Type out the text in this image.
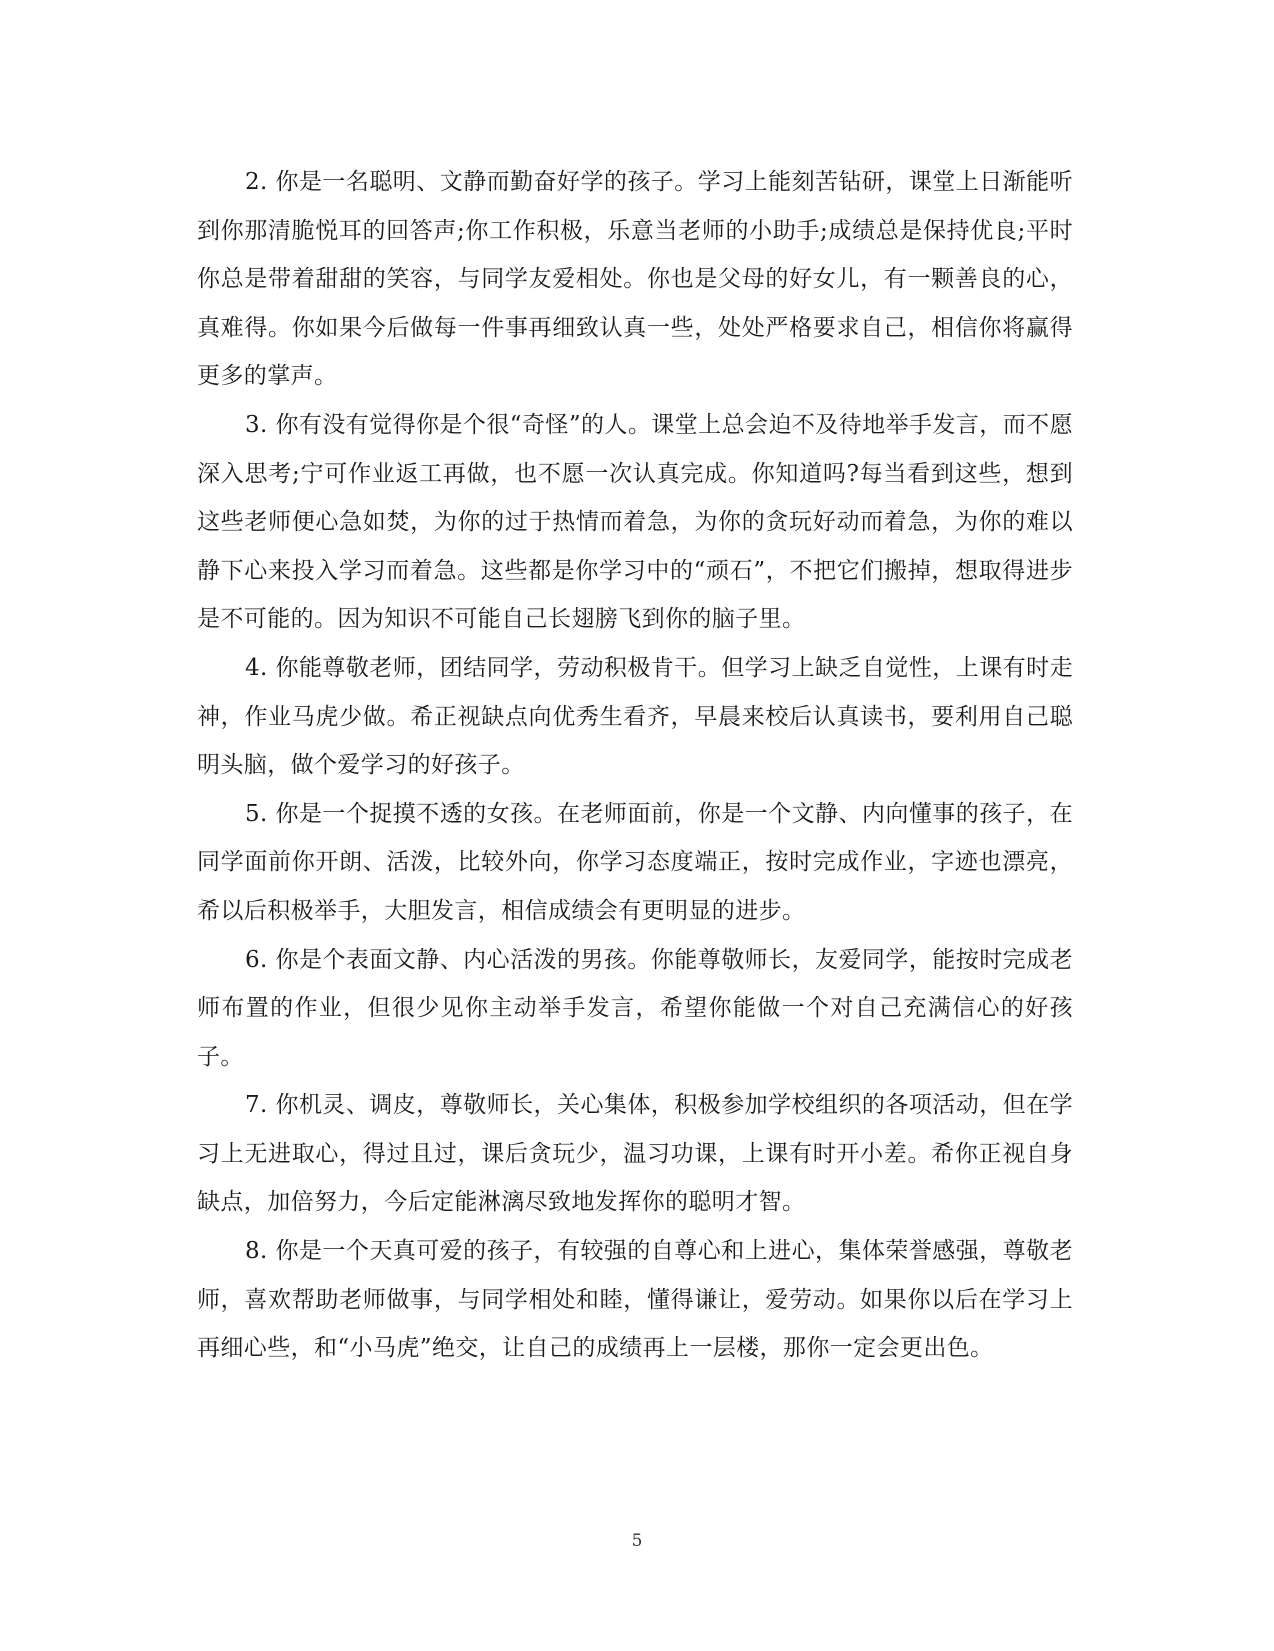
2. 你是一名聪明、文静而勤奋好学的孩子。学习上能刻苦钻研，课堂上日渐能听到你那清脆悦耳的回答声;你工作积极，乐意当老师的小助手;成绩总是保持优良;平时你总是带着甜甜的笑容，与同学友爱相处。你也是父母的好女儿，有一颗善良的心，真难得。你如果今后做每一件事再细致认真一些，处处严格要求自己，相信你将赢得更多的掌声。

3. 你有没有觉得你是个很“奇怪”的人。课堂上总会迫不及待地举手发言，而不愿深入思考;宁可作业返工再做，也不愿一次认真完成。你知道吗?每当看到这些，想到这些老师便心急如焚，为你的过于热情而着急，为你的贪玩好动而着急，为你的难以静下心来投入学习而着急。这些都是你学习中的“顽石”，不把它们搬掉，想取得进步是不可能的。因为知识不可能自己长翅膀飞到你的脑子里。

4. 你能尊敬老师，团结同学，劳动积极肯干。但学习上缺乏自觉性，上课有时走神，作业马虎少做。希正视缺点向优秀生看齐，早晨来校后认真读书，要利用自己聪明头脑，做个爱学习的好孩子。

5. 你是一个捉摸不透的女孩。在老师面前，你是一个文静、内向懂事的孩子，在同学面前你开朗、活泼，比较外向，你学习态度端正，按时完成作业，字迹也漂亮，希以后积极举手，大胆发言，相信成绩会有更明显的进步。

6. 你是个表面文静、内心活泼的男孩。你能尊敬师长，友爱同学，能按时完成老师布置的作业，但很少见你主动举手发言，希望你能做一个对自己充满信心的好孩子。

7. 你机灵、调皮，尊敬师长，关心集体，积极参加学校组织的各项活动，但在学习上无进取心，得过且过，课后贪玩少，温习功课，上课有时开小差。希你正视自身缺点，加倍努力，今后定能淋漓尽致地发挥你的聪明才智。

8. 你是一个天真可爱的孩子，有较强的自尊心和上进心，集体荣誉感强，尊敬老师，喜欢帮助老师做事，与同学相处和睦，懂得谦让，爱劳动。如果你以后在学习上再细心些，和“小马虎”绝交，让自己的成绩再上一层楼，那你一定会更出色。

5
